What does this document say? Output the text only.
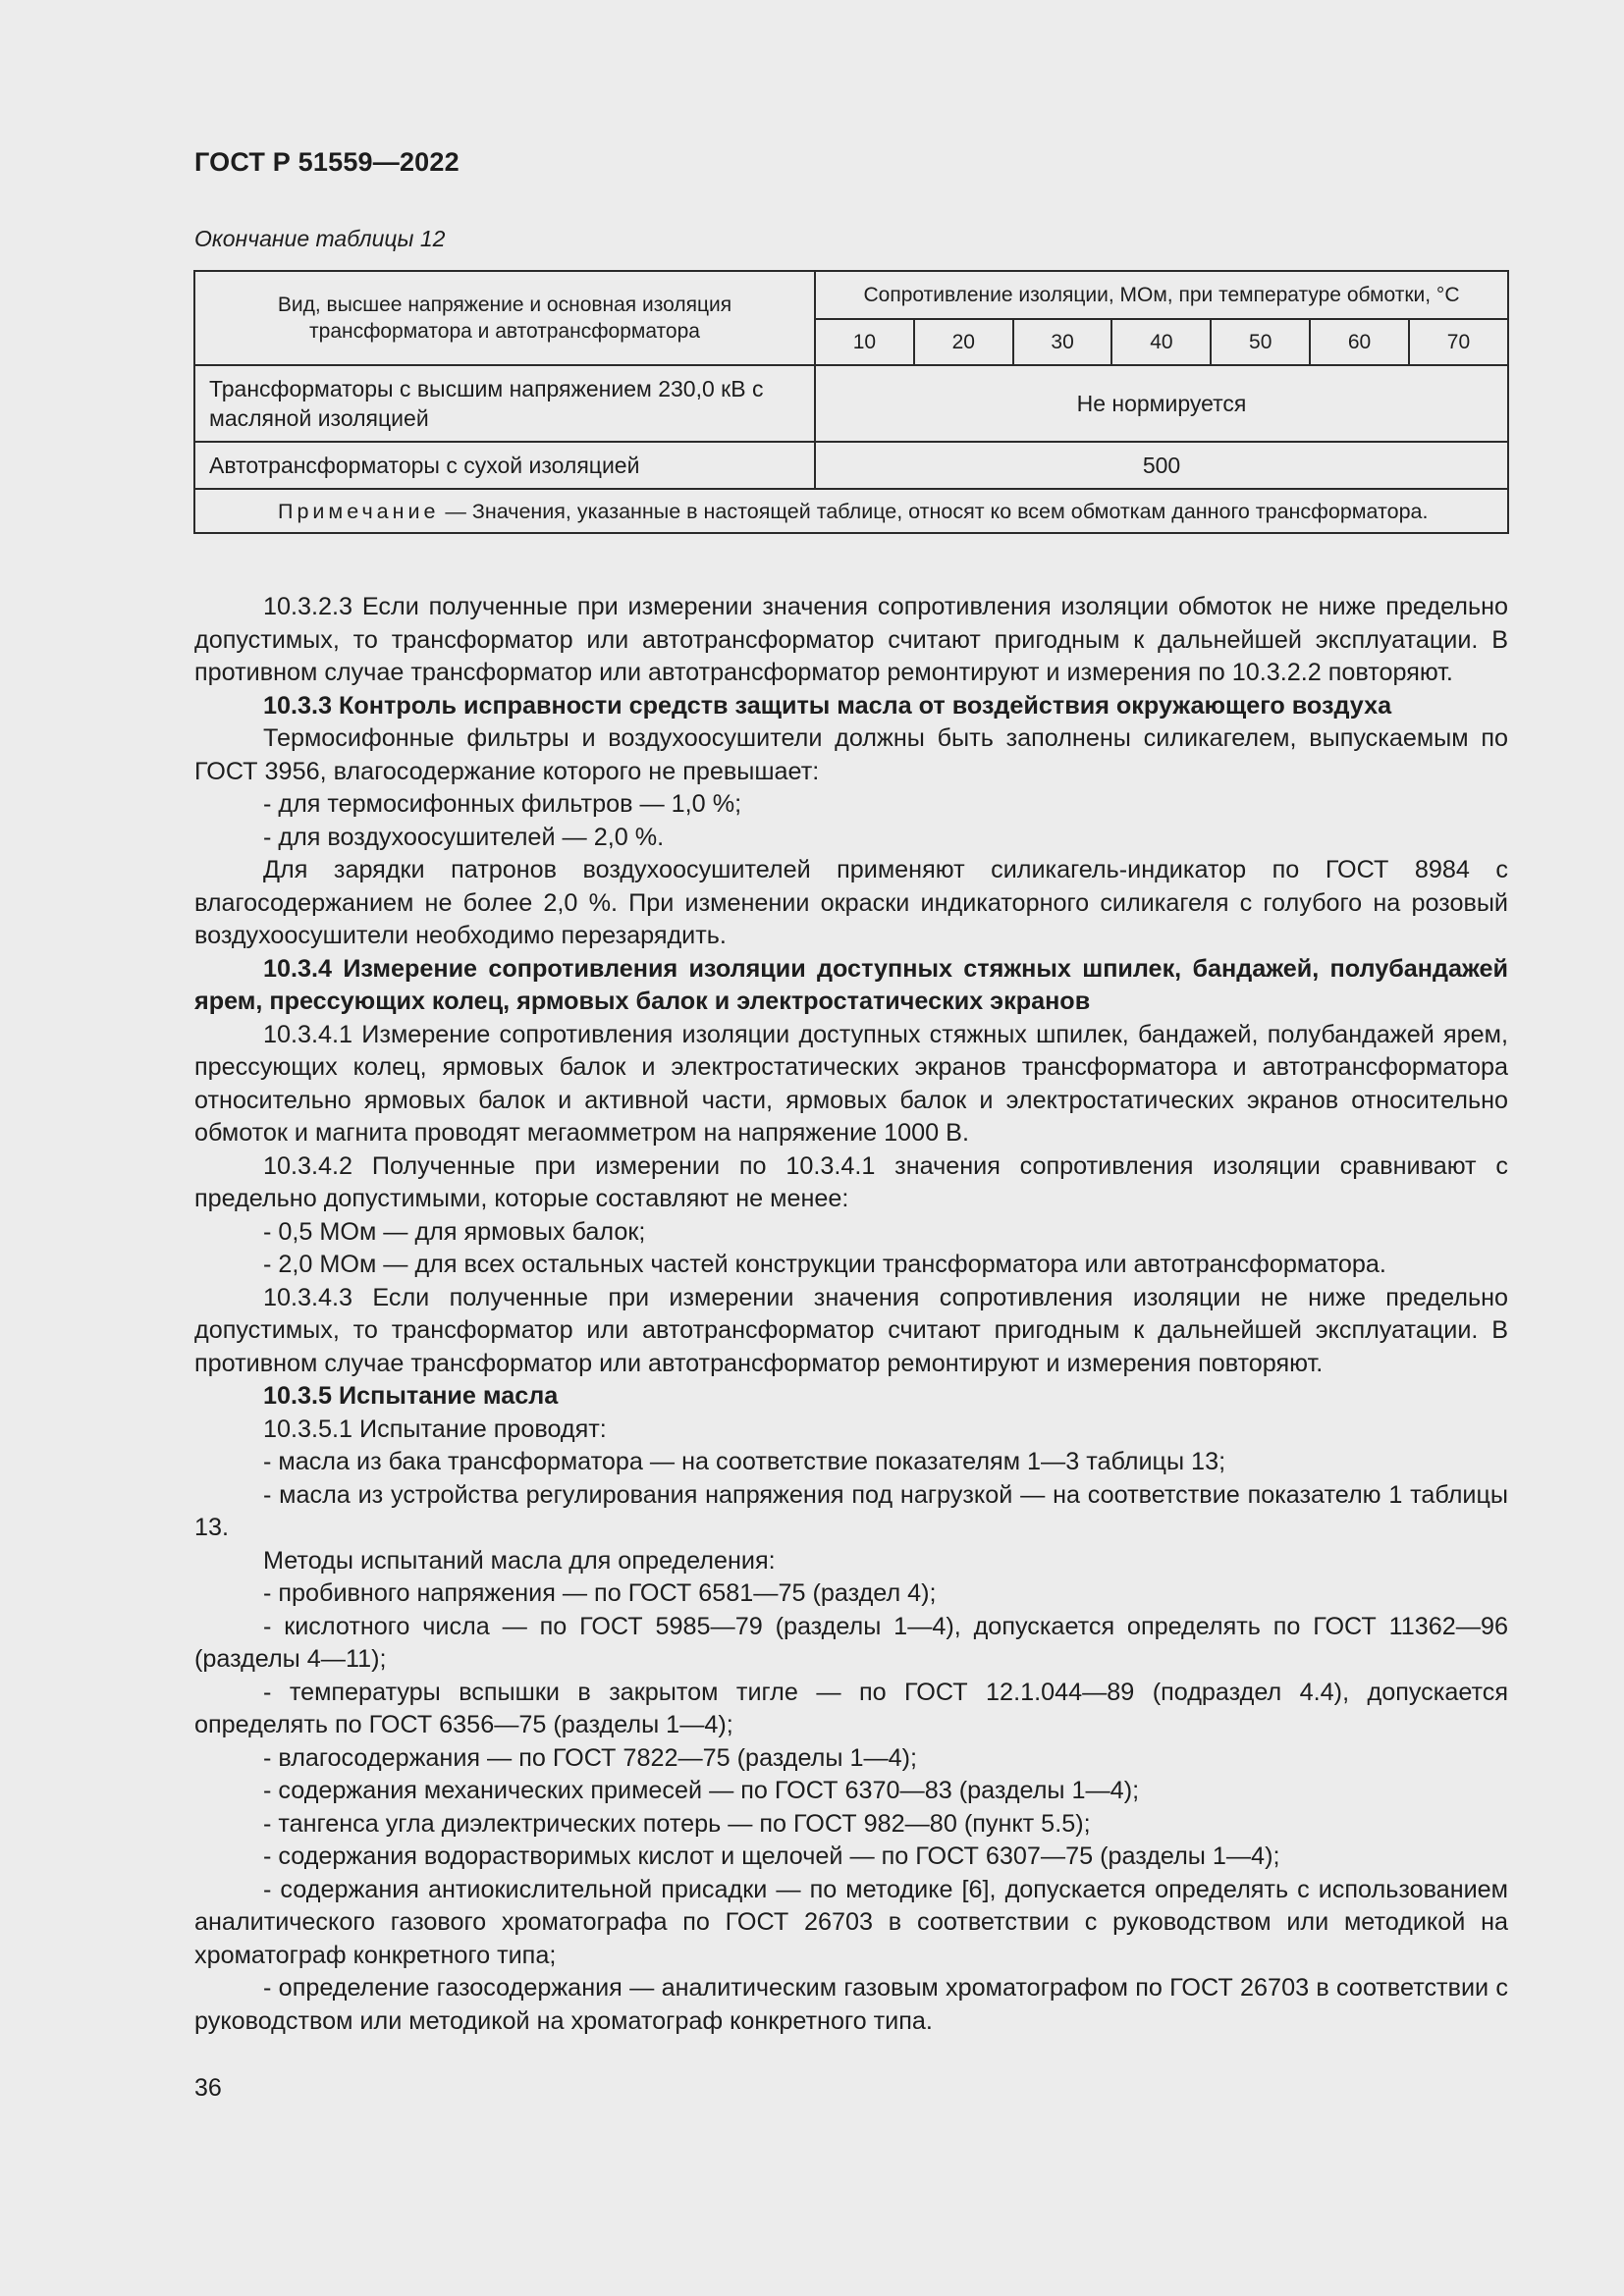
ГОСТ Р 51559—2022
Окончание таблицы 12
Вид, высшее напряжение и основная изоляция трансформатора и автотрансформатора	Сопротивление изоляции, МОм, при температуре обмотки, °С						
	10	20	30	40	50	60	70
Трансформаторы с высшим напряжением 230,0 кВ с масляной изоляцией	Не нормируется						
Автотрансформаторы с сухой изоляцией	500						
Примечание — Значения, указанные в настоящей таблице, относят ко всем обмоткам данного трансформатора.							

10.3.2.3 Если полученные при измерении значения сопротивления изоляции обмоток не ниже предельно допустимых, то трансформатор или автотрансформатор считают пригодным к дальнейшей эксплуатации. В противном случае трансформатор или автотрансформатор ремонтируют и измерения по 10.3.2.2 повторяют.

10.3.3 Контроль исправности средств защиты масла от воздействия окружающего воздуха

Термосифонные фильтры и воздухоосушители должны быть заполнены силикагелем, выпускаемым по ГОСТ 3956, влагосодержание которого не превышает:

- для термосифонных фильтров — 1,0 %;

- для воздухоосушителей — 2,0 %.

Для зарядки патронов воздухоосушителей применяют силикагель-индикатор по ГОСТ 8984 с влагосодержанием не более 2,0 %. При изменении окраски индикаторного силикагеля с голубого на розовый воздухоосушители необходимо перезарядить.

10.3.4 Измерение сопротивления изоляции доступных стяжных шпилек, бандажей, полубандажей ярем, прессующих колец, ярмовых балок и электростатических экранов

10.3.4.1 Измерение сопротивления изоляции доступных стяжных шпилек, бандажей, полубандажей ярем, прессующих колец, ярмовых балок и электростатических экранов трансформатора и автотрансформатора относительно ярмовых балок и активной части, ярмовых балок и электростатических экранов относительно обмоток и магнита проводят мегаомметром на напряжение 1000 В.

10.3.4.2 Полученные при измерении по 10.3.4.1 значения сопротивления изоляции сравнивают с предельно допустимыми, которые составляют не менее:

- 0,5 МОм — для ярмовых балок;

- 2,0 МОм — для всех остальных частей конструкции трансформатора или автотрансформатора.

10.3.4.3 Если полученные при измерении значения сопротивления изоляции не ниже предельно допустимых, то трансформатор или автотрансформатор считают пригодным к дальнейшей эксплуатации. В противном случае трансформатор или автотрансформатор ремонтируют и измерения повторяют.

10.3.5 Испытание масла

10.3.5.1 Испытание проводят:

- масла из бака трансформатора — на соответствие показателям 1—3 таблицы 13;

- масла из устройства регулирования напряжения под нагрузкой — на соответствие показателю 1 таблицы 13.

Методы испытаний масла для определения:

- пробивного напряжения — по ГОСТ 6581—75 (раздел 4);

- кислотного числа — по ГОСТ 5985—79 (разделы 1—4), допускается определять по ГОСТ 11362—96 (разделы 4—11);

- температуры вспышки в закрытом тигле — по ГОСТ 12.1.044—89 (подраздел 4.4), допускается определять по ГОСТ 6356—75 (разделы 1—4);

- влагосодержания — по ГОСТ 7822—75 (разделы 1—4);

- содержания механических примесей — по ГОСТ 6370—83 (разделы 1—4);

- тангенса угла диэлектрических потерь — по ГОСТ 982—80 (пункт 5.5);

- содержания водорастворимых кислот и щелочей — по ГОСТ 6307—75 (разделы 1—4);

- содержания антиокислительной присадки — по методике [6], допускается определять с использованием аналитического газового хроматографа по ГОСТ 26703 в соответствии с руководством или методикой на хроматограф конкретного типа;

- определение газосодержания — аналитическим газовым хроматографом по ГОСТ 26703 в соответствии с руководством или методикой на хроматограф конкретного типа.

36
